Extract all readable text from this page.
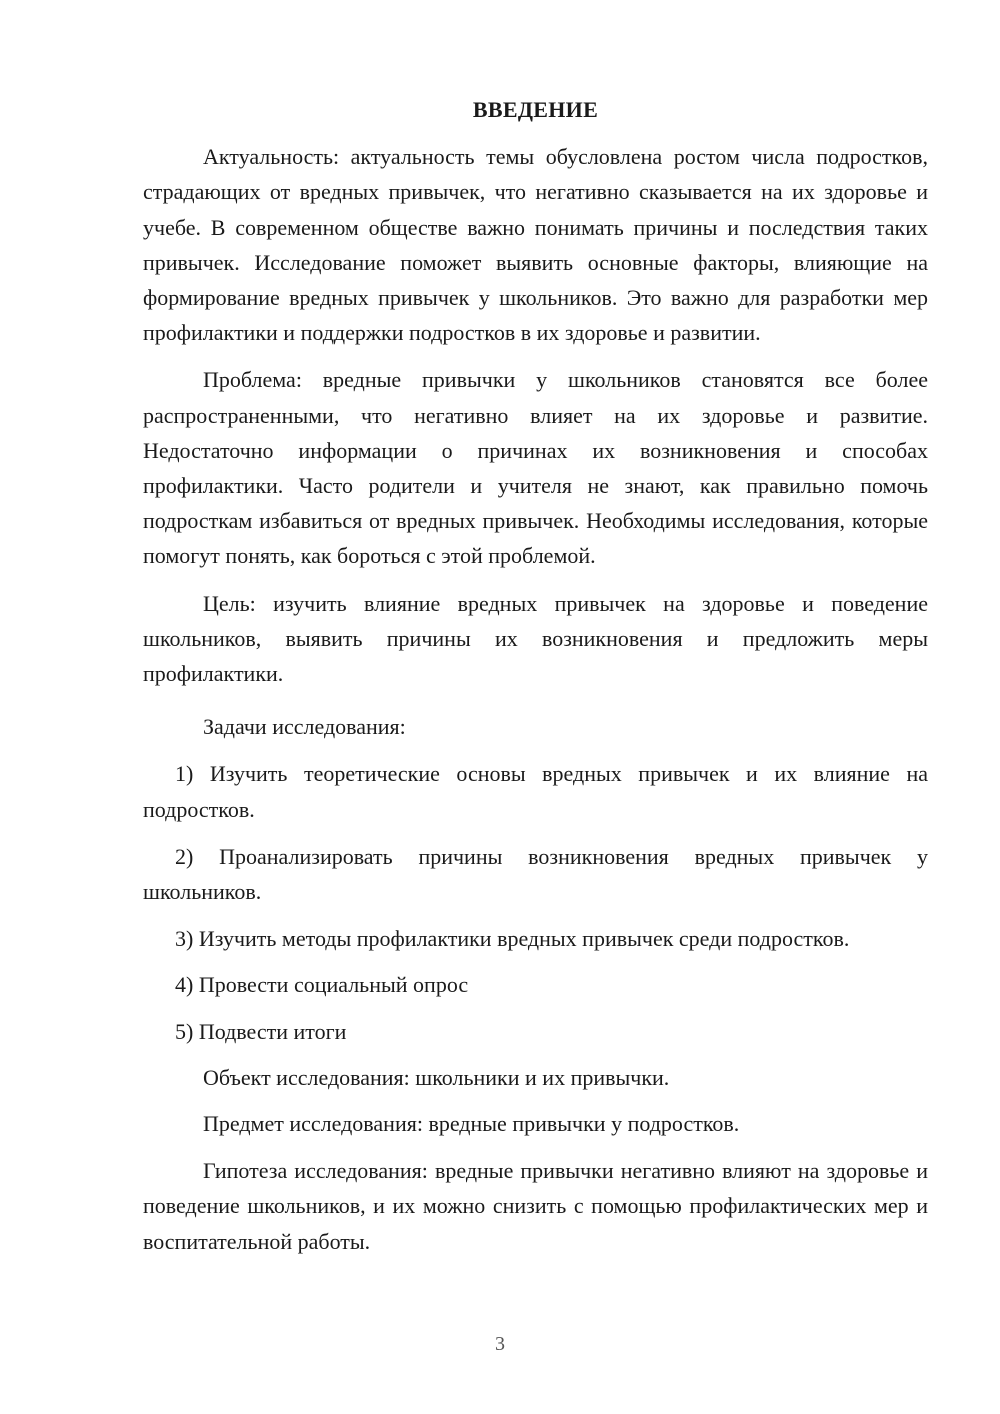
ВВЕДЕНИЕ

Актуальность: актуальность темы обусловлена ростом числа подростков, страдающих от вредных привычек, что негативно сказывается на их здоровье и учебе. В современном обществе важно понимать причины и последствия таких привычек. Исследование поможет выявить основные факторы, влияющие на формирование вредных привычек у школьников. Это важно для разработки мер профилактики и поддержки подростков в их здоровье и развитии.

Проблема: вредные привычки у школьников становятся все более распространенными, что негативно влияет на их здоровье и развитие. Недостаточно информации о причинах их возникновения и способах профилактики. Часто родители и учителя не знают, как правильно помочь подросткам избавиться от вредных привычек. Необходимы исследования, которые помогут понять, как бороться с этой проблемой.

Цель: изучить влияние вредных привычек на здоровье и поведение школьников, выявить причины их возникновения и предложить меры профилактики.

Задачи исследования:

1) Изучить теоретические основы вредных привычек и их влияние на подростков.

2) Проанализировать причины возникновения вредных привычек у школьников.

3) Изучить методы профилактики вредных привычек среди подростков.

4) Провести социальный опрос

5) Подвести итоги

Объект исследования: школьники и их привычки.

Предмет исследования: вредные привычки у подростков.

Гипотеза исследования: вредные привычки негативно влияют на здоровье и поведение школьников, и их можно снизить с помощью профилактических мер и воспитательной работы.

3
